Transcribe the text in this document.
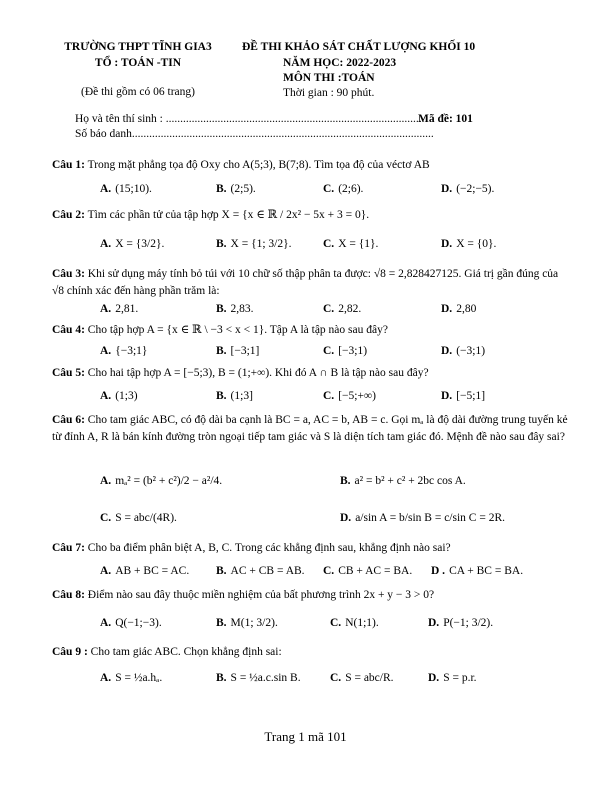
TRƯỜNG THPT TĨNH GIA3
TỔ : TOÁN -TIN
(Đề thi gồm có 06 trang)
ĐỀ THI KHẢO SÁT CHẤT LƯỢNG KHỐI 10
NĂM HỌC: 2022-2023
MÔN THI :TOÁN
Thời gian : 90 phút.
Họ và tên thí sinh : ..........................................................................................
Mã đề: 101
Số báo danh.........................................................................................................
Câu 1: Trong mặt phẳng tọa độ Oxy cho A(5;3), B(7;8). Tìm tọa độ của véctơ AB
A. (15;10).	B. (2;5).	C. (2;6).	D. (−2;−5).
Câu 2: Tìm các phần tử của tập hợp X = {x ∈ ℝ / 2x² − 5x + 3 = 0}.
A. X = {3/2}.	B. X = {1; 3/2}.	C. X = {1}.	D. X = {0}.
Câu 3: Khi sử dụng máy tính bỏ túi với 10 chữ số thập phân ta được: √8 = 2,828427125. Giá trị gần đúng của √8 chính xác đến hàng phần trăm là:
A. 2,81.	B. 2,83.	C. 2,82.	D. 2,80
Câu 4: Cho tập hợp A = {x ∈ ℝ \ −3 < x < 1}. Tập A là tập nào sau đây?
A. {−3;1}	B. [−3;1]	C. [−3;1)	D. (−3;1)
Câu 5: Cho hai tập hợp A = [−5;3), B = (1;+∞). Khi đó A ∩ B là tập nào sau đây?
A. (1;3)	B. (1;3]	C. [−5;+∞)	D. [−5;1]
Câu 6: Cho tam giác ABC, có độ dài ba cạnh là BC = a, AC = b, AB = c. Gọi mₐ là độ dài đường trung tuyến kẻ từ đỉnh A, R là bán kính đường tròn ngoại tiếp tam giác và S là diện tích tam giác đó. Mệnh đề nào sau đây sai?
A. mₐ² = (b² + c²)/2 − a²/4.	B. a² = b² + c² + 2bc cos A.
C. S = abc/(4R).	D. a/sin A = b/sin B = c/sin C = 2R.
Câu 7: Cho ba điểm phân biệt A, B, C. Trong các khẳng định sau, khẳng định nào sai?
A. AB + BC = AC. B. AC + CB = AB. C. CB + AC = BA. D . CA + BC = BA.
Câu 8: Điểm nào sau đây thuộc miền nghiệm của bất phương trình 2x + y − 3 > 0?
A. Q(−1;−3).	B. M(1; 3/2).	C. N(1;1).	D. P(−1; 3/2).
Câu 9 : Cho tam giác ABC. Chọn khẳng định sai:
A. S = ½a.hₐ.	B. S = ½a.c.sin B.	C. S = abc/R.	D. S = p.r.
Trang 1 mã 101
